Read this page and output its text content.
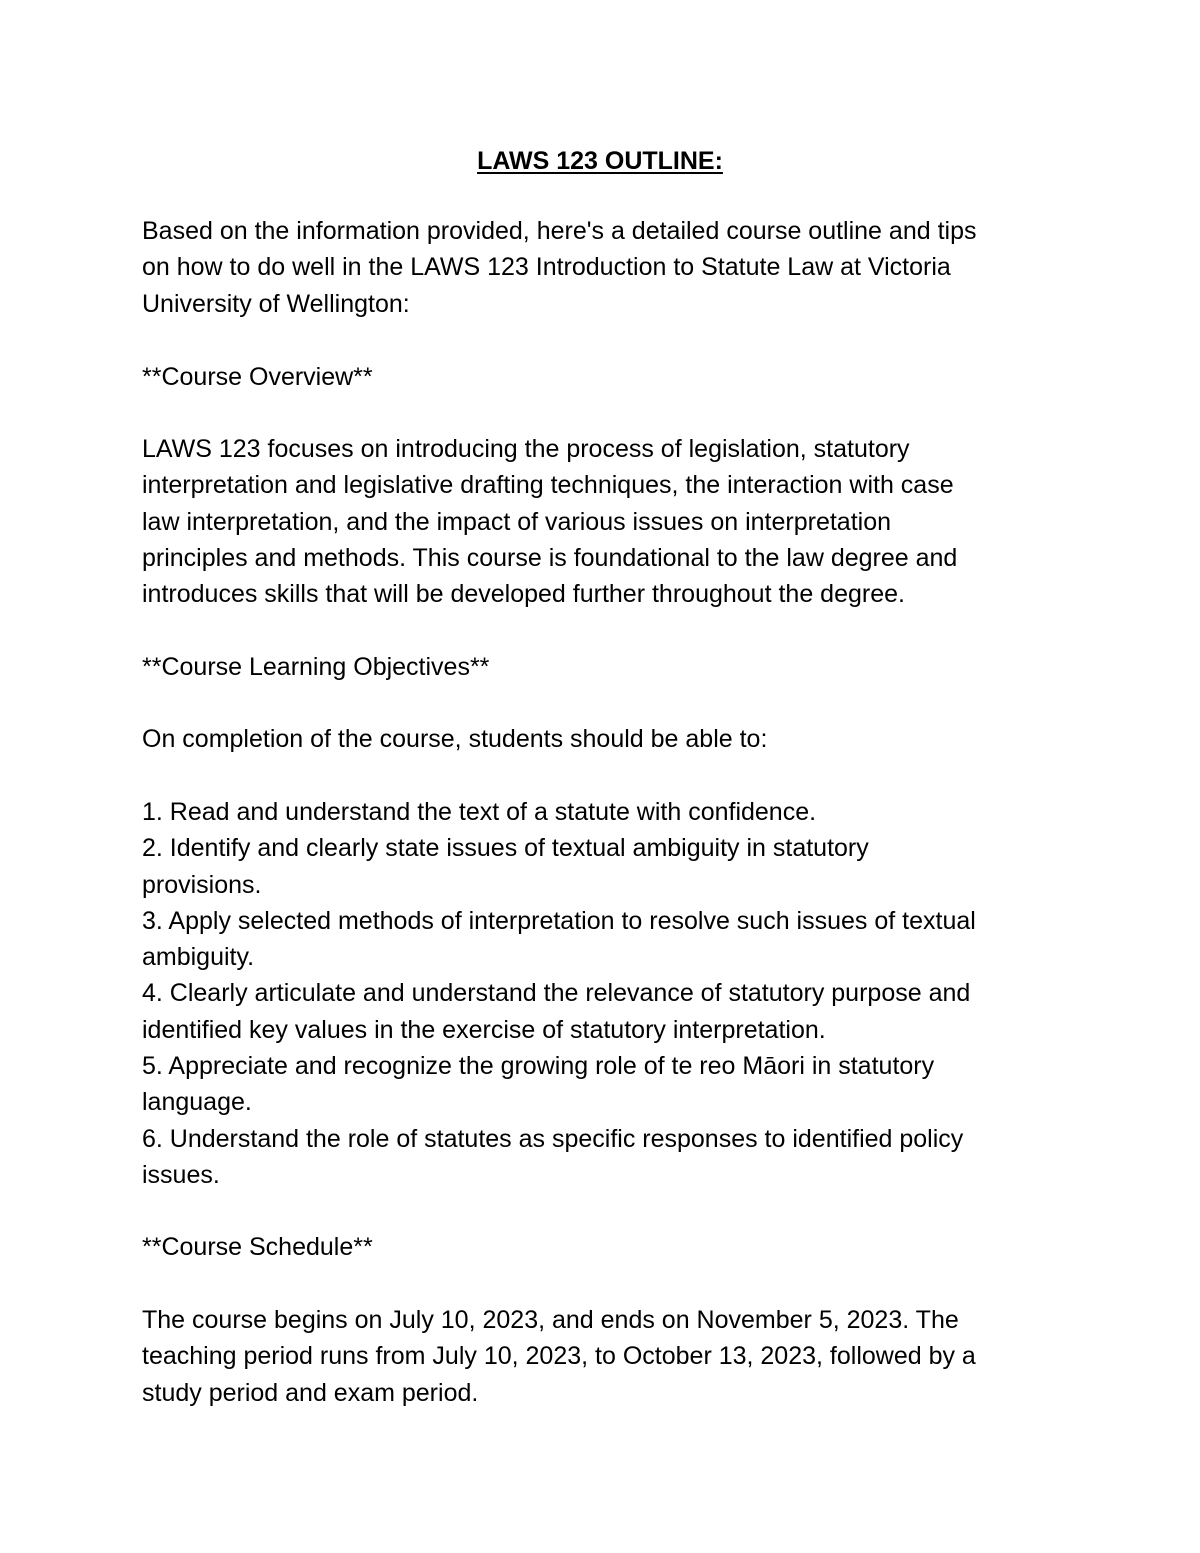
LAWS 123 OUTLINE:

Based on the information provided, here's a detailed course outline and tips
on how to do well in the LAWS 123 Introduction to Statute Law at Victoria
University of Wellington:

**Course Overview**

LAWS 123 focuses on introducing the process of legislation, statutory
interpretation and legislative drafting techniques, the interaction with case
law interpretation, and the impact of various issues on interpretation
principles and methods. This course is foundational to the law degree and
introduces skills that will be developed further throughout the degree.

**Course Learning Objectives**

On completion of the course, students should be able to:

1. Read and understand the text of a statute with confidence.
2. Identify and clearly state issues of textual ambiguity in statutory
provisions.
3. Apply selected methods of interpretation to resolve such issues of textual
ambiguity.
4. Clearly articulate and understand the relevance of statutory purpose and
identified key values in the exercise of statutory interpretation.
5. Appreciate and recognize the growing role of te reo Māori in statutory
language.
6. Understand the role of statutes as specific responses to identified policy
issues.

**Course Schedule**

The course begins on July 10, 2023, and ends on November 5, 2023. The
teaching period runs from July 10, 2023, to October 13, 2023, followed by a
study period and exam period.
